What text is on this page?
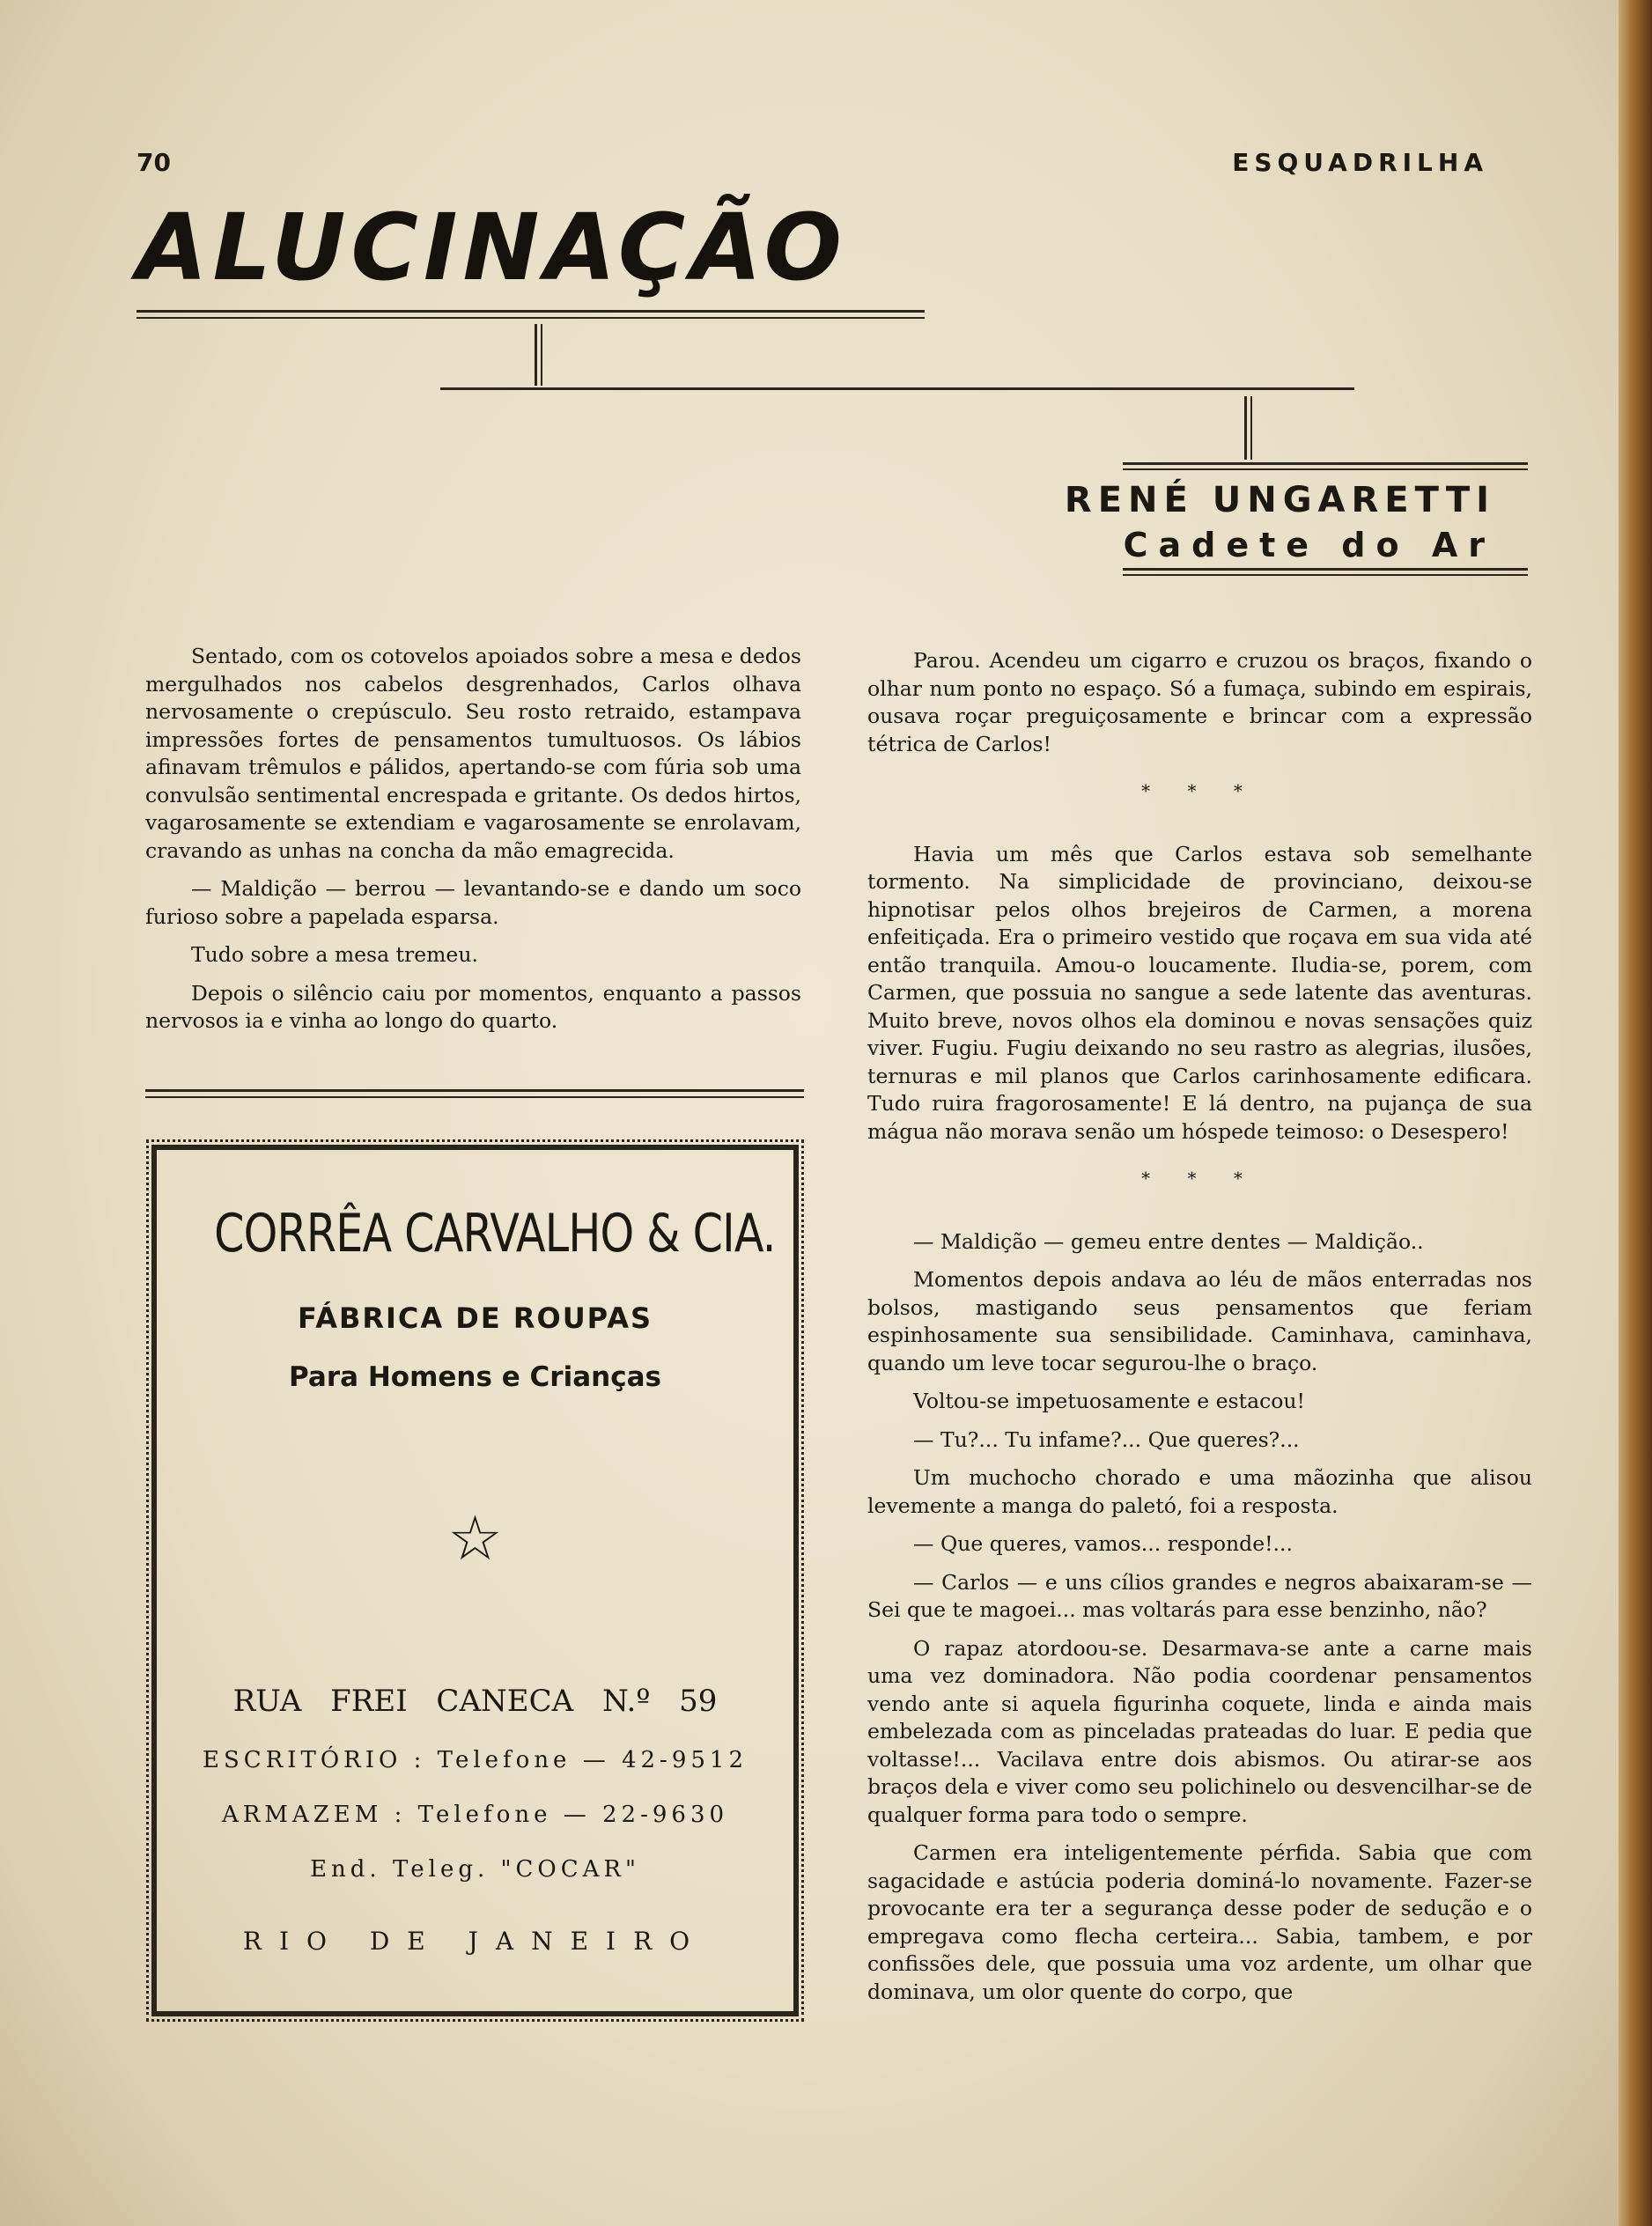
70	ESQUADRILHA
ALUCINAÇÃO
RENÉ UNGARETTI
Cadete do Ar

Sentado, com os cotovelos apoiados sobre a mesa e dedos mergulhados nos cabelos desgrenhados, Carlos olhava nervosamente o crepúsculo. Seu rosto retraido, estampava impressões fortes de pensamentos tumultuosos. Os lábios afinavam trêmulos e pálidos, apertando-se com fúria sob uma convulsão sentimental encrespada e gritante. Os dedos hirtos, vagarosamente se extendiam e vagarosamente se enrolavam, cravando as unhas na concha da mão emagrecida.

— Maldição — berrou — levantando-se e dando um soco furioso sobre a papelada esparsa.

Tudo sobre a mesa tremeu.

Depois o silêncio caiu por momentos, enquanto a passos nervosos ia e vinha ao longo do quarto.

CORRÊA CARVALHO & CIA.
FÁBRICA DE ROUPAS
Para Homens e Crianças
☆
RUA FREI CANECA N.º 59
ESCRITÓRIO : Telefone — 42-9512
ARMAZEM : Telefone — 22-9630
End. Teleg. "COCAR"
RIO DE JANEIRO

Parou. Acendeu um cigarro e cruzou os braços, fixando o olhar num ponto no espaço. Só a fumaça, subindo em espirais, ousava roçar preguiçosamente e brincar com a expressão tétrica de Carlos!

* * *

Havia um mês que Carlos estava sob semelhante tormento. Na simplicidade de provinciano, deixou-se hipnotisar pelos olhos brejeiros de Carmen, a morena enfeitiçada. Era o primeiro vestido que roçava em sua vida até então tranquila. Amou-o loucamente. Iludia-se, porem, com Carmen, que possuia no sangue a sede latente das aventuras. Muito breve, novos olhos ela dominou e novas sensações quiz viver. Fugiu. Fugiu deixando no seu rastro as alegrias, ilusões, ternuras e mil planos que Carlos carinhosamente edificara. Tudo ruira fragorosamente! E lá dentro, na pujança de sua mágua não morava senão um hóspede teimoso: o Desespero!

* * *

— Maldição — gemeu entre dentes — Maldição..

Momentos depois andava ao léu de mãos enterradas nos bolsos, mastigando seus pensamentos que feriam espinhosamente sua sensibilidade. Caminhava, caminhava, quando um leve tocar segurou-lhe o braço.

Voltou-se impetuosamente e estacou!

— Tu?... Tu infame?... Que queres?...

Um muchocho chorado e uma mãozinha que alisou levemente a manga do paletó, foi a resposta.

— Que queres, vamos... responde!...

— Carlos — e uns cílios grandes e negros abaixaram-se — Sei que te magoei... mas voltarás para esse benzinho, não?

O rapaz atordoou-se. Desarmava-se ante a carne mais uma vez dominadora. Não podia coordenar pensamentos vendo ante si aquela figurinha coquete, linda e ainda mais embelezada com as pinceladas prateadas do luar. E pedia que voltasse!... Vacilava entre dois abismos. Ou atirar-se aos braços dela e viver como seu polichinelo ou desvencilhar-se de qualquer forma para todo o sempre.

Carmen era inteligentemente pérfida. Sabia que com sagacidade e astúcia poderia dominá-lo novamente. Fazer-se provocante era ter a segurança desse poder de sedução e o empregava como flecha certeira... Sabia, tambem, e por confissões dele, que possuia uma voz ardente, um olhar que dominava, um olor quente do corpo, que
